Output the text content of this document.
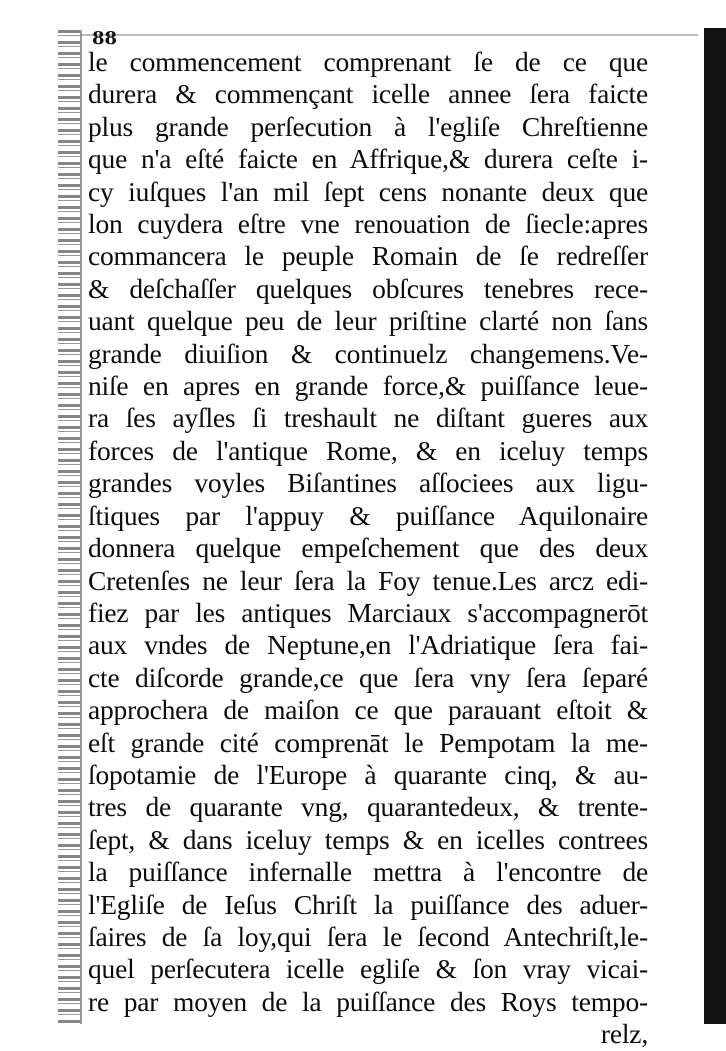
88
le commencement comprenant ſe de ce que
durera & commençant icelle annee ſera faicte
plus grande perſecution à l'egliſe Chreſtienne
que n'a eſté faicte en Affrique,& durera ceſte i-
cy iuſques l'an mil ſept cens nonante deux que
lon cuydera eſtre vne renouation de ſiecle:apres
commancera le peuple Romain de ſe redreſſer
& deſchaſſer quelques obſcures tenebres rece-
uant quelque peu de leur priſtine clarté non ſans
grande diuiſion & continuelz changemens.Ve-
niſe en apres en grande force,& puiſſance leue-
ra ſes ayſles ſi treshault ne diſtant gueres aux
forces de l'antique Rome, & en iceluy temps
grandes voyles Biſantines aſſociees aux ligu-
ſtiques par l'appuy & puiſſance Aquilonaire
donnera quelque empeſchement que des deux
Cretenſes ne leur ſera la Foy tenue.Les arcz edi-
fiez par les antiques Marciaux s'accompagnerōt
aux vndes de Neptune,en l'Adriatique ſera fai-
cte diſcorde grande,ce que ſera vny ſera ſeparé
approchera de maiſon ce que parauant eſtoit &
eſt grande cité comprenāt le Pempotam la me-
ſopotamie de l'Europe à quarante cinq, & au-
tres de quarante vng, quarantedeux, & trente-
ſept, & dans iceluy temps & en icelles contrees
la puiſſance infernalle mettra à l'encontre de
l'Egliſe de Ieſus Chriſt la puiſſance des aduer-
ſaires de ſa loy,qui ſera le ſecond Antechriſt,le-
quel perſecutera icelle egliſe & ſon vray vicai-
re par moyen de la puiſſance des Roys tempo-
relz,
